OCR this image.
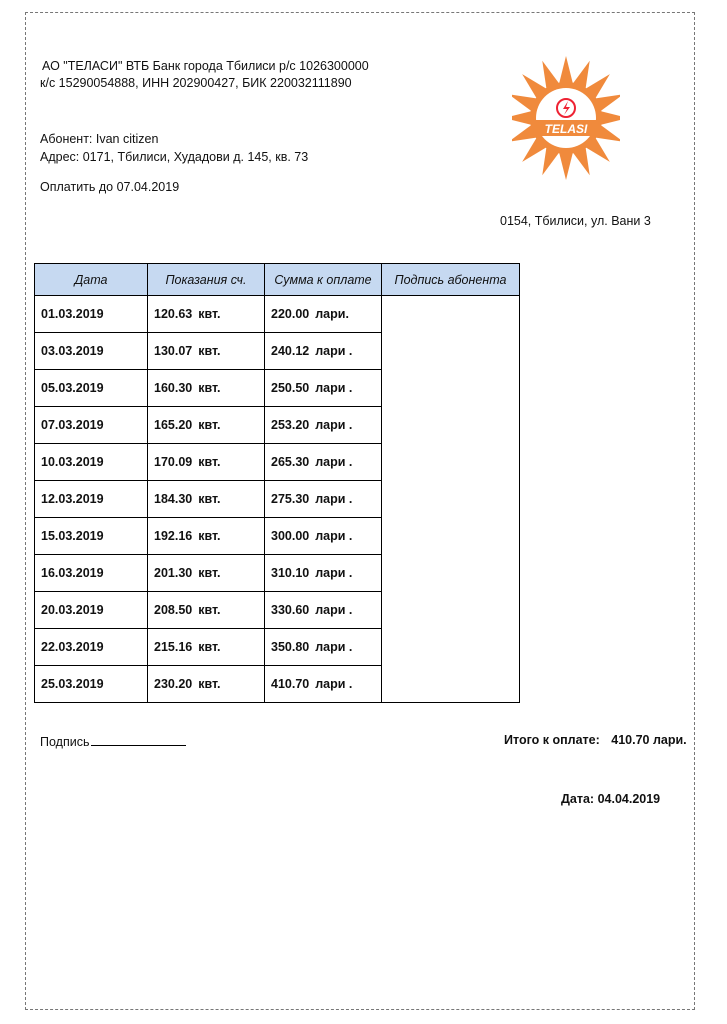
АО "ТЕЛАСИ" ВТБ Банк города Тбилиси р/с 1026300000
к/с 15290054888, ИНН 202900427, БИК 220032111890
Абонент: Ivan citizen
Адрес: 0171, Тбилиси, Худадови д. 145, кв. 73
Оплатить до 07.04.2019
0154, Тбилиси, ул. Вани 3
TELASI
Дата	Показания сч.	Сумма к оплате	Подпись абонента
01.03.2019	120.63 квт.	220.00 лари.	
03.03.2019	130.07 квт.	240.12 лари .	
05.03.2019	160.30 квт.	250.50 лари .	
07.03.2019	165.20 квт.	253.20 лари .	
10.03.2019	170.09 квт.	265.30 лари .	
12.03.2019	184.30 квт.	275.30 лари .	
15.03.2019	192.16 квт.	300.00 лари .	
16.03.2019	201.30 квт.	310.10 лари .	
20.03.2019	208.50 квт.	330.60 лари .	
22.03.2019	215.16 квт.	350.80 лари .	
25.03.2019	230.20 квт.	410.70 лари .	
Подпись	Итого к оплате: 410.70 лари.
Дата: 04.04.2019
